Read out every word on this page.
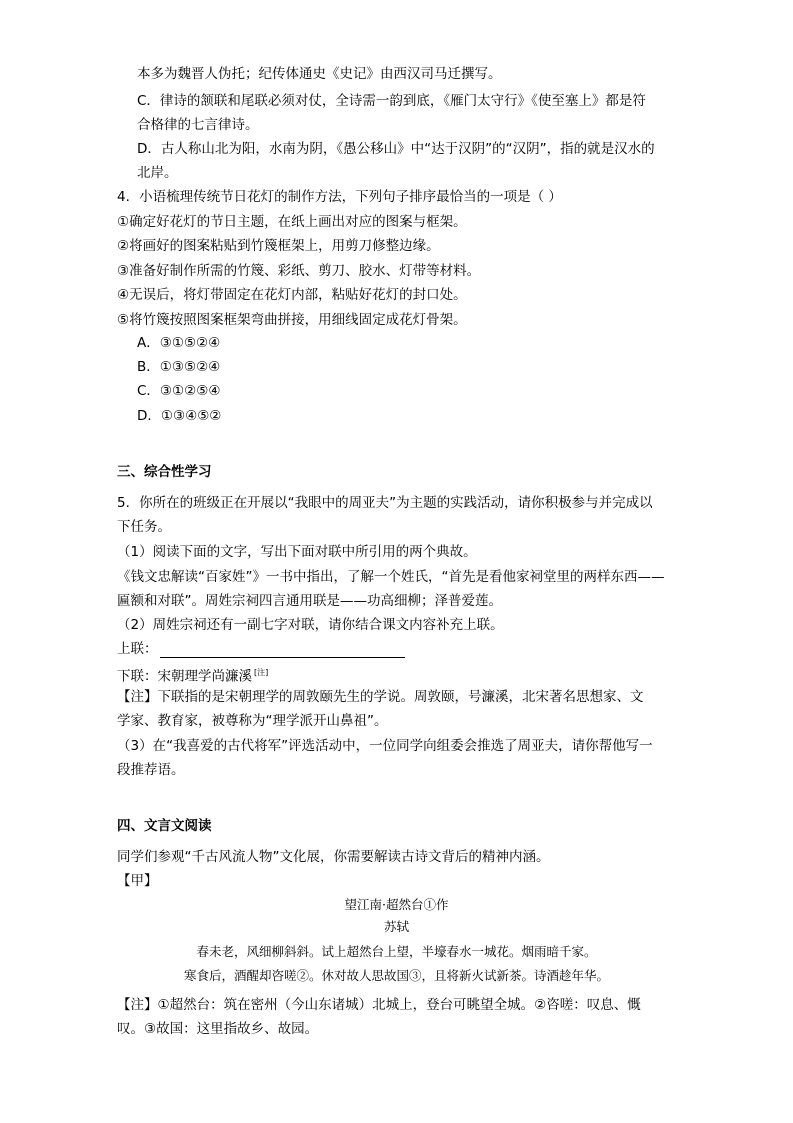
本多为魏晋人伪托；纪传体通史《史记》由西汉司马迁撰写。
C．律诗的颔联和尾联必须对仗，全诗需一韵到底，《雁门太守行》《使至塞上》都是符
合格律的七言律诗。
D．古人称山北为阳，水南为阴，《愚公移山》中“达于汉阴”的“汉阴”，指的就是汉水的
北岸。
4．小语梳理传统节日花灯的制作方法，下列句子排序最恰当的一项是（ ）
①确定好花灯的节日主题，在纸上画出对应的图案与框架。
②将画好的图案粘贴到竹篾框架上，用剪刀修整边缘。
③准备好制作所需的竹篾、彩纸、剪刀、胶水、灯带等材料。
④无误后，将灯带固定在花灯内部，粘贴好花灯的封口处。
⑤将竹篾按照图案框架弯曲拼接，用细线固定成花灯骨架。
A．③①⑤②④
B．①③⑤②④
C．③①②⑤④
D．①③④⑤②
三、综合性学习
5．你所在的班级正在开展以“我眼中的周亚夫”为主题的实践活动，请你积极参与并完成以
下任务。
（1）阅读下面的文字，写出下面对联中所引用的两个典故。
《钱文忠解读“百家姓”》一书中指出，了解一个姓氏，“首先是看他家祠堂里的两样东西——
匾额和对联”。周姓宗祠四言通用联是——功高细柳；泽普爱莲。
（2）周姓宗祠还有一副七字对联，请你结合课文内容补充上联。
上联：
下联：宋朝理学尚濂溪 [注]
【注】下联指的是宋朝理学的周敦颐先生的学说。周敦颐，号濂溪，北宋著名思想家、文
学家、教育家，被尊称为“理学派开山鼻祖”。
（3）在“我喜爱的古代将军”评选活动中，一位同学向组委会推选了周亚夫，请你帮他写一
段推荐语。
四、文言文阅读
同学们参观“千古风流人物”文化展，你需要解读古诗文背后的精神内涵。
【甲】
望江南·超然台①作
苏轼
春未老，风细柳斜斜。试上超然台上望，半壕春水一城花。烟雨暗千家。
寒食后，酒醒却咨嗟②。休对故人思故国③，且将新火试新茶。诗酒趁年华。
【注】①超然台：筑在密州（今山东诸城）北城上，登台可眺望全城。②咨嗟：叹息、慨
叹。③故国：这里指故乡、故园。
